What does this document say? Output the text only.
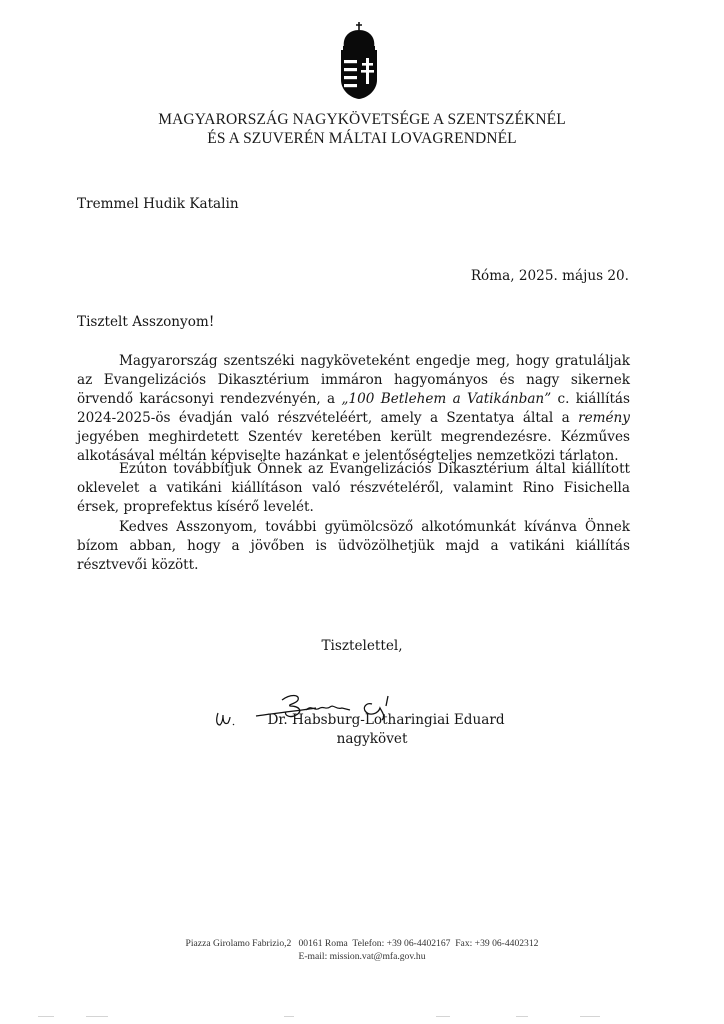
MAGYARORSZÁG NAGYKÖVETSÉGE A SZENTSZÉKNÉL
ÉS A SZUVERÉN MÁLTAI LOVAGRENDNÉL
Tremmel Hudik Katalin
Róma, 2025. május 20.
Tisztelt Asszonyom!

Magyarország szentszéki nagyköveteként engedje meg, hogy gratuláljak az Evangelizációs Dikasztérium immáron hagyományos és nagy sikernek örvendő karácsonyi rendezvényén, a „100 Betlehem a Vatikánban” c. kiállítás 2024-2025-ös évadján való részvételéért, amely a Szentatya által a remény jegyében meghirdetett Szentév keretében került megrendezésre. Kézműves alkotásával méltán képviselte hazánkat e jelentőségteljes nemzetközi tárlaton.

Ezúton továbbítjuk Önnek az Evangelizációs Dikasztérium által kiállított oklevelet a vatikáni kiállításon való részvételéről, valamint Rino Fisichella érsek, proprefektus kísérő levelét.

Kedves Asszonyom, további gyümölcsöző alkotómunkát kívánva Önnek bízom abban, hogy a jövőben is üdvözölhetjük majd a vatikáni kiállítás résztvevői között.

Tisztelettel,
Dr. Habsburg-Lotharingiai Eduard
nagykövet
Piazza Girolamo Fabrizio,2   00161 Roma  Telefon: +39 06-4402167  Fax: +39 06-4402312
E-mail: mission.vat@mfa.gov.hu
